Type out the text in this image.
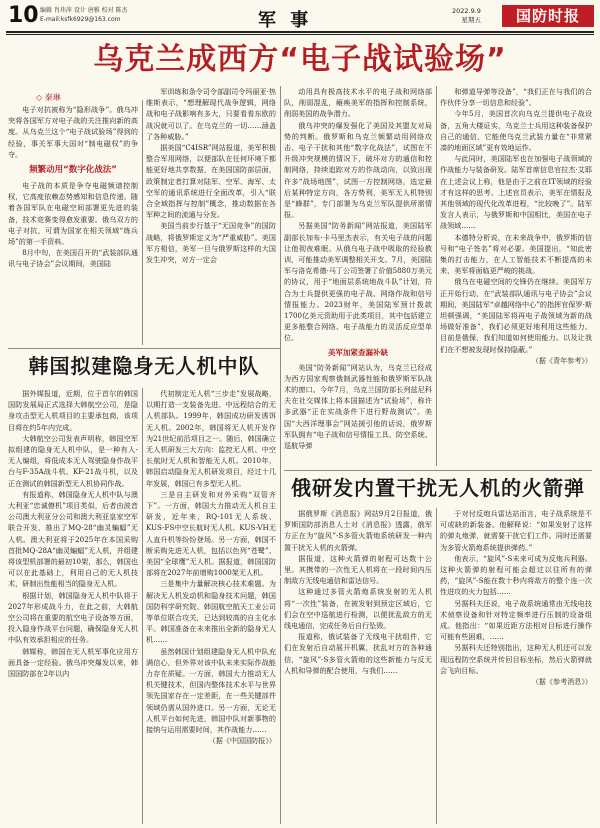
10 编辑 肖玮萍 设计 唐雅 校对 陈杰
E-mail:ksfk6929@163.com	军 事	2022.9.9
星期五	国防时报
乌克兰成西方“电子战试验场”
◇ 秦琳

电子对抗被称为“隐形战争”。俄乌冲突将各国军方对电子战的关注推向新的高度。从乌克兰这个“电子战试验场”得到的经验，事关军事大国对“制电磁权”的争夺。

频繁动用“数字化战法”

电子战的本质是争夺电磁频谱控制权，它高度依赖态势感知和信息传递。随着各国军队在电磁空间部署更先进的装备，技术竞赛变得愈发重要。俄乌双方的电子对抗，可谓为国家在相关领域“练兵场”的第一手资料。

8月中旬，在美国召开的“武装部队通讯与电子协会”会议期间，美国陆

军训练和条令司令部副司令玛丽亚·热维斯表示，“想理解现代战争逻辑，网络战和电子战影响有多大，只要看看东欧的战况就可以了。在乌克兰的一切……涵盖了各种威胁。”

据美国“C4ISR”网站报道，美军积极整合军用网络，以便部队在任何环境下都能更好地共享数据，在美国国防部层面，政策制定者打算对陆军、空军、海军、太空军的通讯系统进行全面改革，引入“联合全域指挥与控制”概念，推动数据在各军种之间的流通与分发。

美国当前步行基于“无国竞争”的国防战略，将俄罗斯定义为“严重威胁”。美国军方相信，美军一旦与俄罗斯这样的大国发生冲突，对方一定会

动用具有极高技术水平的电子战和网络部队，削弱混乱，瘫痪美军的指挥和控制系统，削弱美国的战争潜力。

俄乌冲突的爆发强化了美国及其盟友对局势的判断。俄罗斯和乌克兰频繁动用网络攻击、电子干扰和其他“数字化战法”，试图在不升级冲突规模的情况下，破坏对方的通信和控制网络，持续追踪对方的作战动向，以致出现许多“战场地图”，试图一方控制网络，选定最后某种特定方向，各方势利，美军无人机特别是“蜂群”，专门部署为乌克兰军队提供所需情报。

另据美国“防务新闻”网站报道，美国陆军副部长加布·卡马里杰表示，有关电子战的问题让他彻夜难眠。从俄乌电子战中吸取的经验教训，可能推动美军调整相关开支。7月，美国陆军与洛克希德·马丁公司签署了价值5880万美元的协议，用于“地面层系统地战斗队”计划，符合为士兵提供更强的电子战、网络作战和信号情报能力。2023财年，美国陆军预计拨款1700亿美元资助用于此类项目，其中包括建立更多能整合网络、电子战能力的灵活反应型单位。

美军加紧查漏补缺

美国“防务新闻”网站认为，乌克兰已经成为西方国家观察俄制武器性能和俄罗斯军队战术的窗口。今年7月，乌克兰国防部长列兹尼科夫在社交媒体上将本国描述为“试验场”，称许多武器“正在实战条件下进行野战测试”。美国“大西洋理事会”网站援引他的话说，俄罗斯军队拥有“电子战和信号情报工具、防空系统、巡航导弹

和弹道导弹等设备”，“我们正在与我们的合作伙伴分享一切信息和经验”。

今年5月，美国首次向乌克兰提供电子战设备，五角大楼证实，乌克兰士兵用这种装备保护自己的通信，它能使乌克兰武装力量在“非常紧凑的地面区域”更有效地运作。

与此同时，美国陆军也在加强电子战领域的作战能力与装备研发。陆军首席信息官拉杰·艾耶在上述会议上称，他是由于之前在IT领域的经验才有这样的思考。上述官员表示，美军在情报及其他领域的现代化改革进程，“比较晚了”。陆军发言人表示，与俄罗斯和中国相比，美国在电子战领域……

本德特分析说，在未来战争中，俄罗斯的信号和“电子签名”将对必要。美国提出，“知此密集的打击能力，在人工智能技术不断提高的未来，美军将面临更严峻的挑战。

俄乌在电磁空间的交锋仍在继续。美国军方正开始行动，在“武装部队通讯与电子协会”会议期间，美国陆军“卓越网络中心”的指挥官保罗·斯坦顿强调，“美国陆军将再电子战领域为新的战场做好准备”，我们必须更好地利用这些能力。目前是俄保，我们知道如何使用能力。以及让我们在不想被发现时保持隐蔽。”

（据《青年参考》）

韩国拟建隐身无人机中队

据外媒报道，近期，位于首尔的韩国国防发展局正式选择大韩航空公司，是隐身攻击型无人机项目的主要承包商，该项目将在约5年内完成。

大韩航空公司发表声明称，韩国空军拟组建的隐身无人机中队，是一种有人-无人编组，将低成本无人驾驶隐身作战平台与F-35A战斗机、KF-21战斗机，以及正在测试的韩国新型无人机协同作战。

有报道称，韩国隐身无人机中队与澳大利亚“忠诚僚机”项目类似，后者由波音公司澳大利亚分公司和澳大利亚皇家空军联合开发，推出了MQ-28“幽灵蝙蝠”无人机。澳大利亚将于2025年在本国采购首批MQ-28A“幽灵蝙蝠”无人机，并组建将该型机部署的最初10架，那么，韩国也可以在此基础上，利用自己的无人机技术，研制出性能相当的隐身无人机。

根据计划，韩国隐身无人机中队将于2027年形成战斗力，在此之前，大韩航空公司将在重要的航空电子设备等方面，投入隐身作战平台问题，确保隐身无人机中队有效承担相应的任务。

韩媒称，韩国在无人机军事化应用方面具备一定经验。俄乌冲突爆发以来，韩国国防部在2年以内

代初制定无人机“三步走”发展战略，以期打造一支装备先进、中远程结合的无人机部队。1999年，韩国成功研发诱饵无人机。2002年，韩国将无人机开发作为21世纪前沿项目之一。随后，韩国确立无人机研发三大方向：监控无人机、中空长航时无人机和智能无人机。2010年，韩国启动隐身无人机研发项目，经过十几年发展，韩国已有多型无人机。

三是自主研发和对外采购“双管齐下”。一方面，韩国大力推动无人机自主研发，近年来，RQ-101无人系统、KUS-FS中空长航时无人机、KUS-VH无人直升机等纷纷登场。另一方面，韩国不断采购先进无人机，包括以色列“苍鹭”、美国“全球鹰”无人机。据报道，韩国国防部将在2027年前增购1000架无人机。

三是集中力量解决核心技术难题。为解决无人机发动机和隐身技术问题，韩国国防科学研究院、韩国航空航天工业公司等单位联合攻关，已达到较高的自主化水平。韩国准备在未来推出全新的隐身无人机……

虽然韩国计划组建隐身无人机中队充满信心，但外界对该中队未来实际作战能力存在质疑。一方面，韩国大力推动无人机关键技术，但国内整体技术水平与世界领先国家存在一定差距，在一些关键部件领域仍需从国外进口。另一方面，无论无人机平台如何先进，韩国中队对新事物的接纳与运用需要时间，其作战能力……

（据《中国国防报》）

俄研发内置干扰无人机的火箭弹

据俄罗斯《消息报》网站9月2日报道，俄罗斯国防部消息人士对《消息报》透露，俄军方正在为“旋风”-S多管火箭炮系统研发一种内置干扰无人机的火箭弹。

据报道，这种火箭弹的射程可达数十公里。其携带的一次性无人机将在一段时间内压制敌方无线电通信和雷达信号。

这种通过多管火箭炮系统发射的无人机将“一次性”装备，在被发射到预定区域后，它们会在空中巡航进行检测，以便扰乱敌方的无线电通信，完成任务后自行坠毁。

报道称，俄试装备了无线电干扰组件，它们在发射后自动展开机翼，扰乱对方的各种通信，“旋风”-S多管火箭炮的这些新能力与反无人机和导弹的配合使用，与我们……

于对付反炮兵雷达站而言，电子战系统是不可或缺的新装备。他解释说：“如果发射了这样的弹丸炮弹，就需要干扰它们工作。同时还需要为多管火箭炮系统提供弹药。”

他表示，“旋风”-S未来可成为反炮兵利器。这种火箭弹的射程可能会超过以往所有的弹药，“旋风”-S能在数十秒内将敌方的整个连一次性进攻的火力包括……

另据科夫还说，电子战系统通常由无线电技术侦察设备和针对特定频率进行压制的设备组成。他指出：“如果近距方法相对目标进行操作可能有些困难，……

另据科夫还特别指出，这种无人机还可以发现远程防空系统并传回目标坐标，然后火箭弹就会飞向目标。

（据《参考消息》）
